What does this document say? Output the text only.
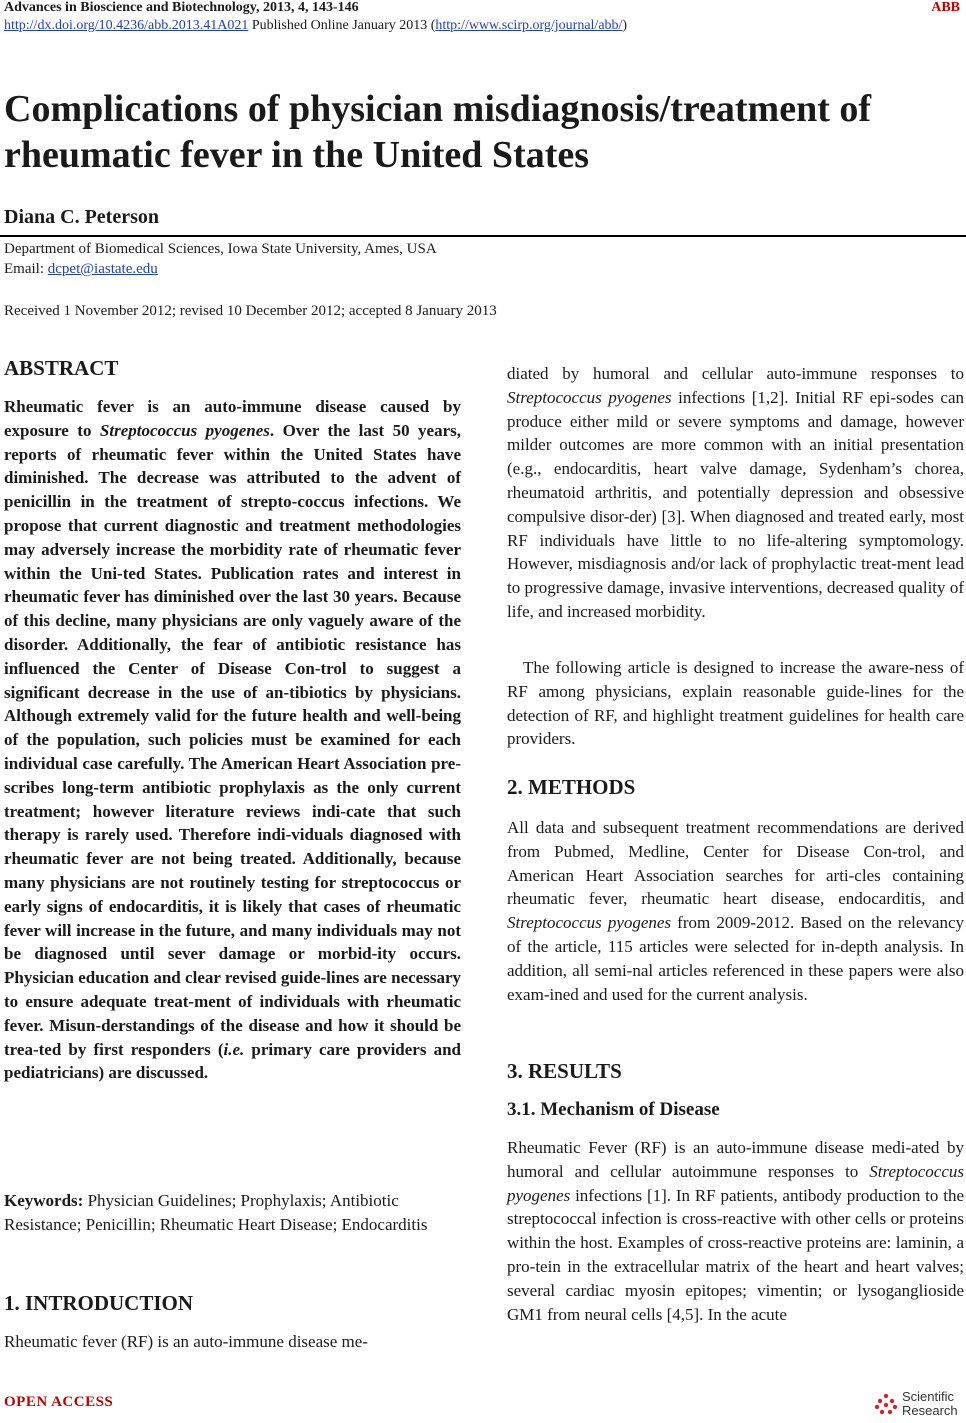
Advances in Bioscience and Biotechnology, 2013, 4, 143-146	ABB
http://dx.doi.org/10.4236/abb.2013.41A021 Published Online January 2013 (http://www.scirp.org/journal/abb/)
Complications of physician misdiagnosis/treatment of rheumatic fever in the United States
Diana C. Peterson
Department of Biomedical Sciences, Iowa State University, Ames, USA
Email: dcpet@iastate.edu
Received 1 November 2012; revised 10 December 2012; accepted 8 January 2013
ABSTRACT

Rheumatic fever is an auto-immune disease caused by exposure to Streptococcus pyogenes. Over the last 50 years, reports of rheumatic fever within the United States have diminished. The decrease was attributed to the advent of penicillin in the treatment of strepto-coccus infections. We propose that current diagnostic and treatment methodologies may adversely increase the morbidity rate of rheumatic fever within the Uni-ted States. Publication rates and interest in rheumatic fever has diminished over the last 30 years. Because of this decline, many physicians are only vaguely aware of the disorder. Additionally, the fear of antibiotic resistance has influenced the Center of Disease Con-trol to suggest a significant decrease in the use of an-tibiotics by physicians. Although extremely valid for the future health and well-being of the population, such policies must be examined for each individual case carefully. The American Heart Association pre-scribes long-term antibiotic prophylaxis as the only current treatment; however literature reviews indi-cate that such therapy is rarely used. Therefore indi-viduals diagnosed with rheumatic fever are not being treated. Additionally, because many physicians are not routinely testing for streptococcus or early signs of endocarditis, it is likely that cases of rheumatic fever will increase in the future, and many individuals may not be diagnosed until sever damage or morbid-ity occurs. Physician education and clear revised guide-lines are necessary to ensure adequate treat-ment of individuals with rheumatic fever. Misun-derstandings of the disease and how it should be trea-ted by first responders (i.e. primary care providers and pediatricians) are discussed.

Keywords: Physician Guidelines; Prophylaxis; Antibiotic Resistance; Penicillin; Rheumatic Heart Disease; Endocarditis

1. INTRODUCTION

Rheumatic fever (RF) is an auto-immune disease me-

diated by humoral and cellular auto-immune responses to Streptococcus pyogenes infections [1,2]. Initial RF epi-sodes can produce either mild or severe symptoms and damage, however milder outcomes are more common with an initial presentation (e.g., endocarditis, heart valve damage, Sydenham’s chorea, rheumatoid arthritis, and potentially depression and obsessive compulsive disor-der) [3]. When diagnosed and treated early, most RF individuals have little to no life-altering symptomology. However, misdiagnosis and/or lack of prophylactic treat-ment lead to progressive damage, invasive interventions, decreased quality of life, and increased morbidity.

The following article is designed to increase the aware-ness of RF among physicians, explain reasonable guide-lines for the detection of RF, and highlight treatment guidelines for health care providers.

2. METHODS

All data and subsequent treatment recommendations are derived from Pubmed, Medline, Center for Disease Con-trol, and American Heart Association searches for arti-cles containing rheumatic fever, rheumatic heart disease, endocarditis, and Streptococcus pyogenes from 2009-2012. Based on the relevancy of the article, 115 articles were selected for in-depth analysis. In addition, all semi-nal articles referenced in these papers were also exam-ined and used for the current analysis.

3. RESULTS
3.1. Mechanism of Disease

Rheumatic Fever (RF) is an auto-immune disease medi-ated by humoral and cellular autoimmune responses to Streptococcus pyogenes infections [1]. In RF patients, antibody production to the streptococcal infection is cross-reactive with other cells or proteins within the host. Examples of cross-reactive proteins are: laminin, a pro-tein in the extracellular matrix of the heart and heart valves; several cardiac myosin epitopes; vimentin; or lysoganglioside GM1 from neural cells [4,5]. In the acute

OPEN ACCESS	Scientific
Research
